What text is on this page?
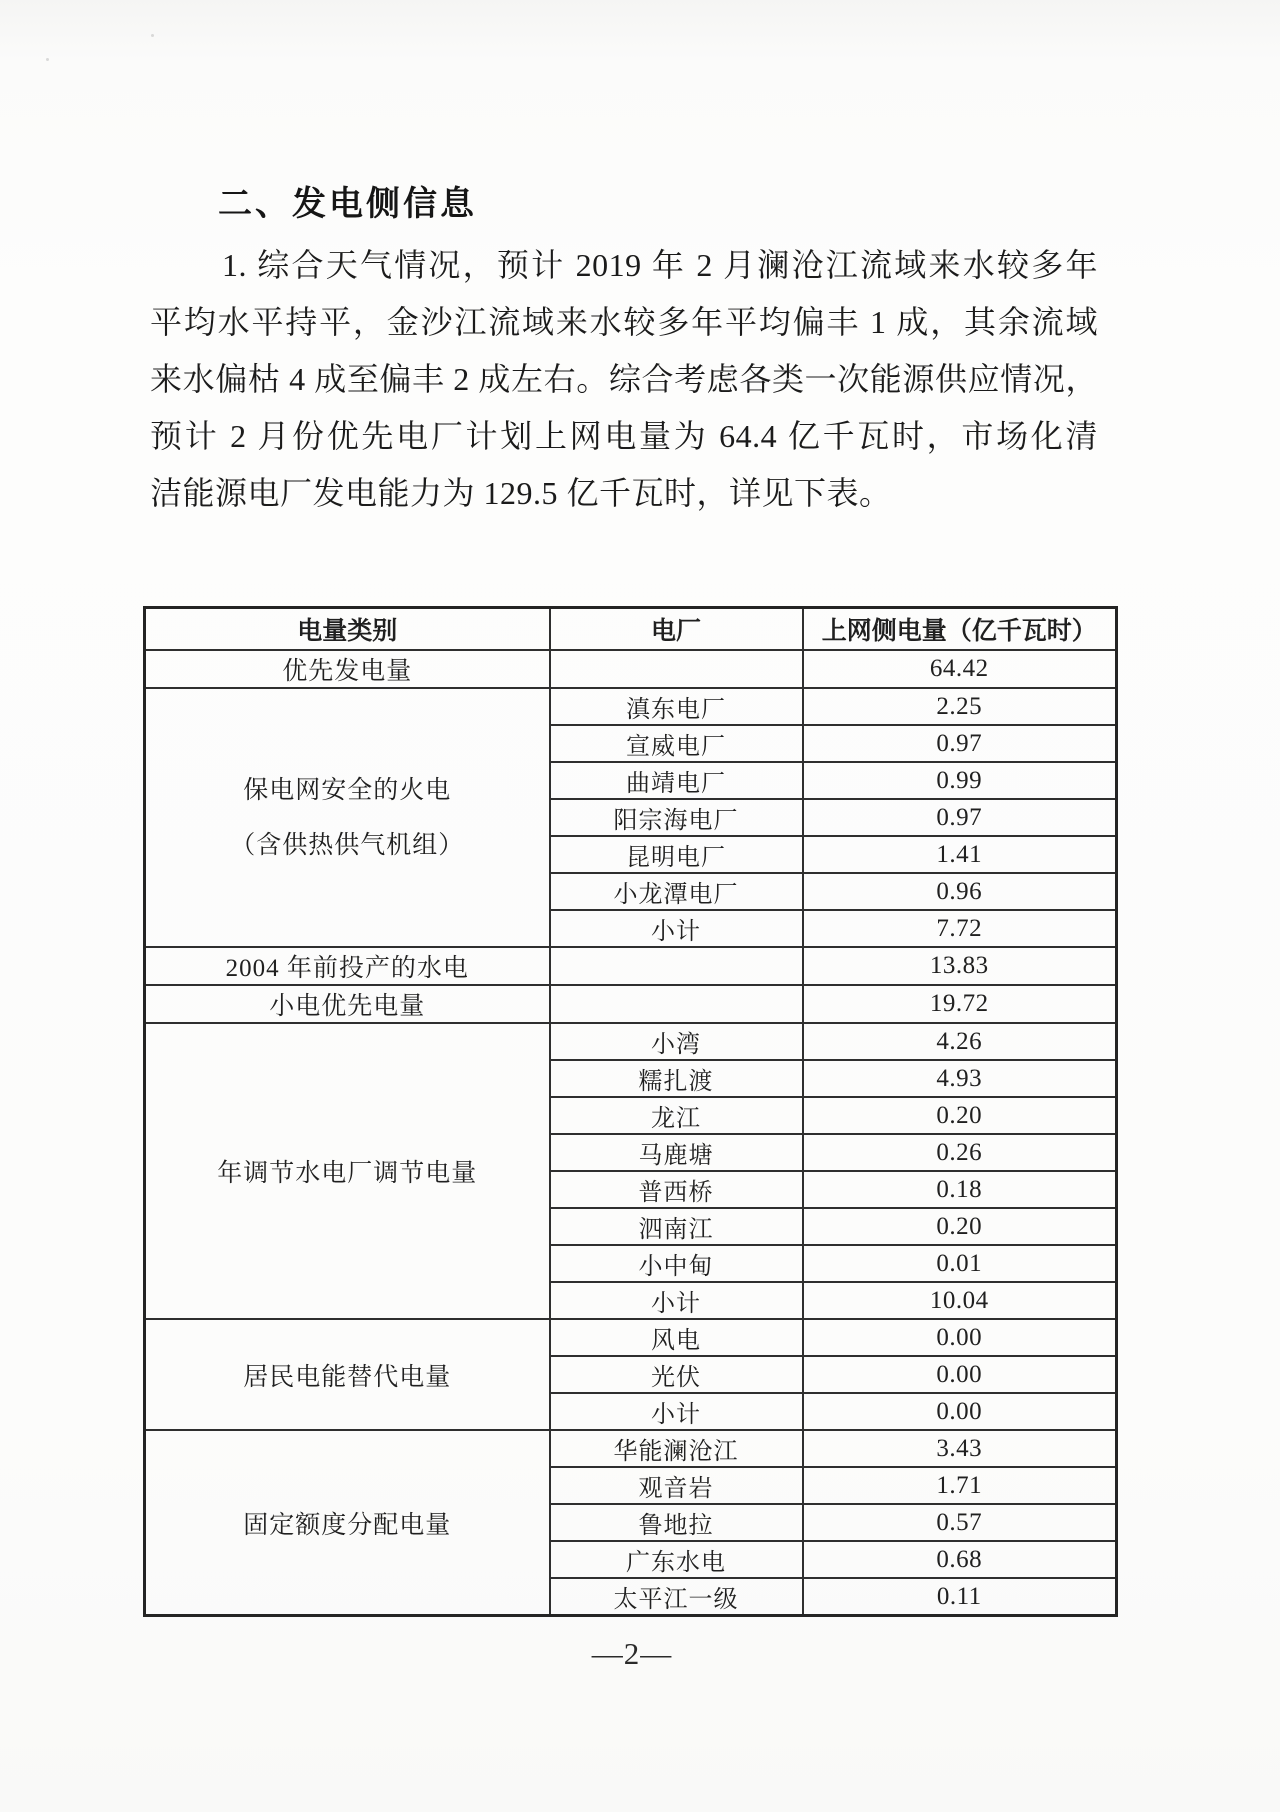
二、发电侧信息
1. 综合天气情况，预计 2019 年 2 月澜沧江流域来水较多年
平均水平持平，金沙江流域来水较多年平均偏丰 1 成，其余流域
来水偏枯 4 成至偏丰 2 成左右。综合考虑各类一次能源供应情况，
预计 2 月份优先电厂计划上网电量为 64.4 亿千瓦时，市场化清
洁能源电厂发电能力为 129.5 亿千瓦时，详见下表。
电量类别	电厂	上网侧电量（亿千瓦时）
优先发电量		64.42

保电网安全的火电
（含供热供气机组）	滇东电厂	2.25
	宣威电厂	0.97
	曲靖电厂	0.99
	阳宗海电厂	0.97
	昆明电厂	1.41
	小龙潭电厂	0.96
	小计	7.72
2004 年前投产的水电		13.83
小电优先电量		19.72
年调节水电厂调节电量	小湾	4.26
	糯扎渡	4.93
	龙江	0.20
	马鹿塘	0.26
	普西桥	0.18
	泗南江	0.20
	小中甸	0.01
	小计	10.04
居民电能替代电量	风电	0.00
	光伏	0.00
	小计	0.00
固定额度分配电量	华能澜沧江	3.43
	观音岩	1.71
	鲁地拉	0.57
	广东水电	0.68
	太平江一级	0.11
—2—
